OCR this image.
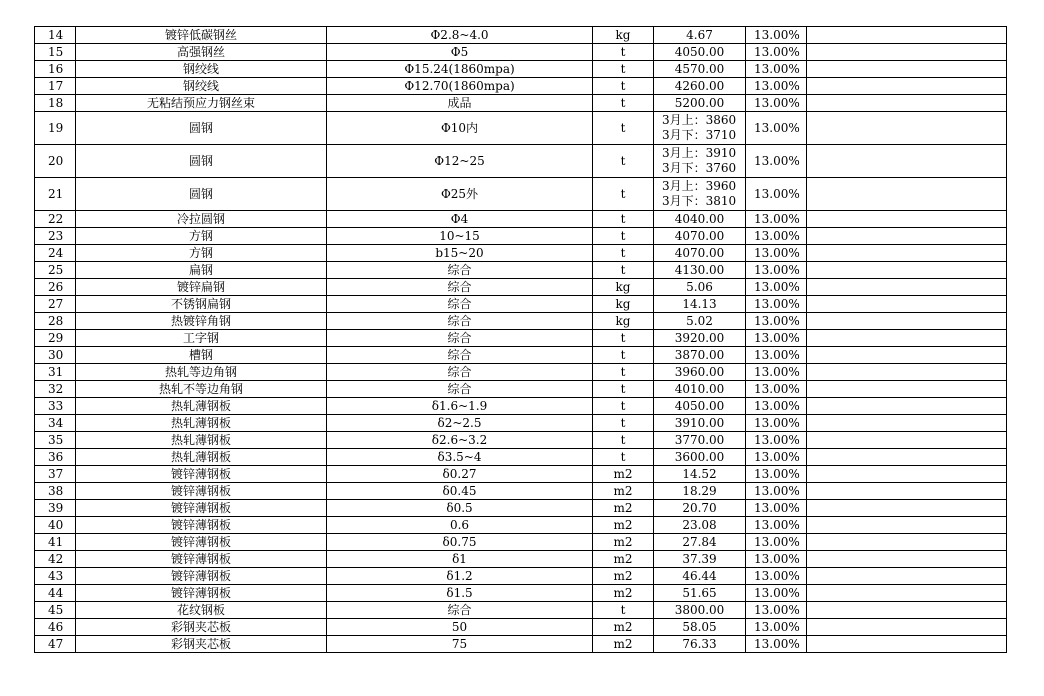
14	镀锌低碳钢丝	Φ2.8~4.0	kg	4.67	13.00%	
15	高强钢丝	Φ5	t	4050.00	13.00%	
16	钢绞线	Φ15.24(1860mpa)	t	4570.00	13.00%	
17	钢绞线	Φ12.70(1860mpa)	t	4260.00	13.00%	
18	无粘结预应力钢丝束	成品	t	5200.00	13.00%	
19	圆钢	Φ10内	t	3月上：3860
3月下：3710	13.00%	
20	圆钢	Φ12~25	t	3月上：3910
3月下：3760	13.00%	
21	圆钢	Φ25外	t	3月上：3960
3月下：3810	13.00%	
22	冷拉圆钢	Φ4	t	4040.00	13.00%	
23	方钢	10~15	t	4070.00	13.00%	
24	方钢	b15~20	t	4070.00	13.00%	
25	扁钢	综合	t	4130.00	13.00%	
26	镀锌扁钢	综合	kg	5.06	13.00%	
27	不锈钢扁钢	综合	kg	14.13	13.00%	
28	热镀锌角钢	综合	kg	5.02	13.00%	
29	工字钢	综合	t	3920.00	13.00%	
30	槽钢	综合	t	3870.00	13.00%	
31	热轧等边角钢	综合	t	3960.00	13.00%	
32	热轧不等边角钢	综合	t	4010.00	13.00%	
33	热轧薄钢板	δ1.6~1.9	t	4050.00	13.00%	
34	热轧薄钢板	δ2~2.5	t	3910.00	13.00%	
35	热轧薄钢板	δ2.6~3.2	t	3770.00	13.00%	
36	热轧薄钢板	δ3.5~4	t	3600.00	13.00%	
37	镀锌薄钢板	δ0.27	m2	14.52	13.00%	
38	镀锌薄钢板	δ0.45	m2	18.29	13.00%	
39	镀锌薄钢板	δ0.5	m2	20.70	13.00%	
40	镀锌薄钢板	0.6	m2	23.08	13.00%	
41	镀锌薄钢板	δ0.75	m2	27.84	13.00%	
42	镀锌薄钢板	δ1	m2	37.39	13.00%	
43	镀锌薄钢板	δ1.2	m2	46.44	13.00%	
44	镀锌薄钢板	δ1.5	m2	51.65	13.00%	
45	花纹钢板	综合	t	3800.00	13.00%	
46	彩钢夹芯板	50	m2	58.05	13.00%	
47	彩钢夹芯板	75	m2	76.33	13.00%	
